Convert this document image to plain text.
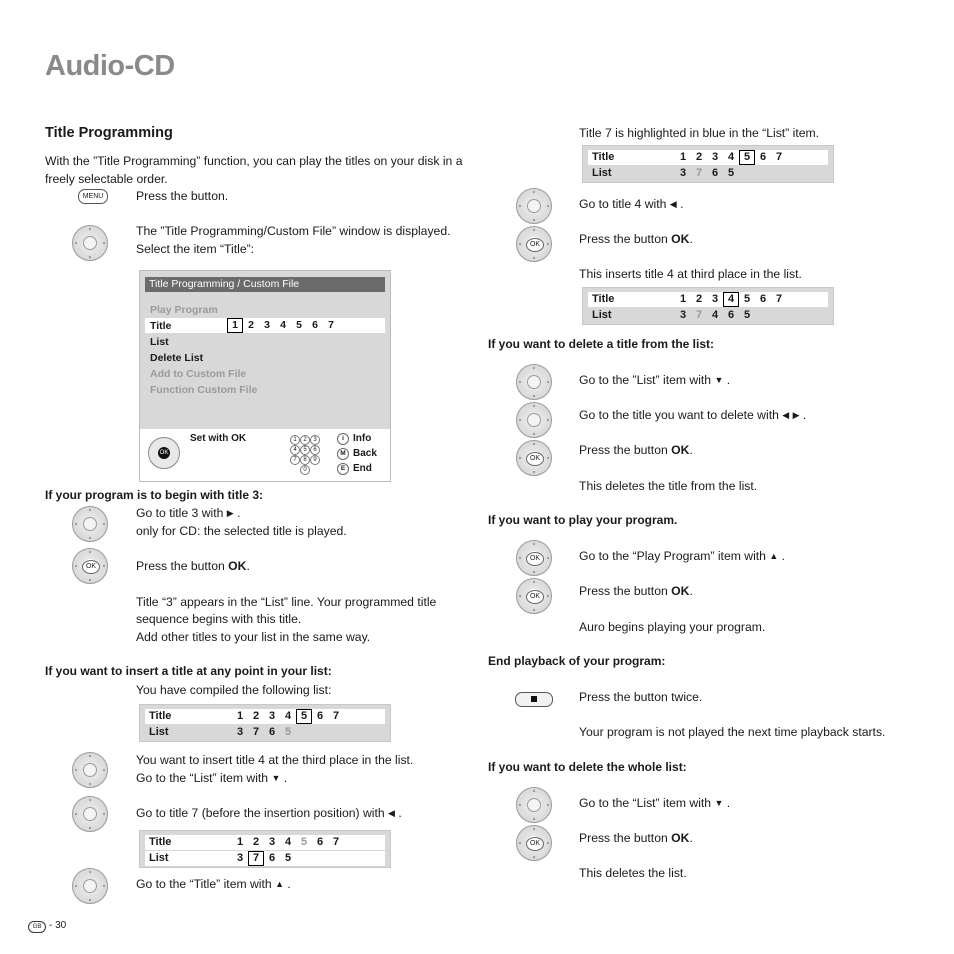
Audio-CD
Title Programming
With the ”Title Programming” function, you can play the titles on your disk in a freely selectable order.
MENU	Press the button.
The ”Title Programming/Custom File” window is displayed.
Select the item “Title”:
Title Programming / Custom File
Play Program
Title	1 2 3 4 5 6 7
List
Delete List
Add to Custom File
Function Custom File
OK
Set with OK	1	2	3
4	5	6
7	8	9
0
i Info
M Back
E End
If your program is to begin with title 3:
Go to title 3 with ▶ .
only for CD: the selected title is played.
OK	Press the button OK.
Title “3” appears in the “List” line. Your programmed title
sequence begins with this title.
Add other titles to your list in the same way.
If you want to insert a title at any point in your list:
You have compiled the following list:
Title	1 2 3 4 5 6 7
List	3 7 6 5
You want to insert title 4 at the third place in the list.
Go to the “List” item with ▼ .
Go to title 7 (before the insertion position) with ◀ .
Title	1 2 3 4 5 6 7
List	3 7 6 5
Go to the “Title” item with ▲ .
GB - 30
Title 7 is highlighted in blue in the “List” item.
Title	1 2 3 4 5 6 7
List	3 7 6 5
Go to title 4 with ◀ .
OK	Press the button OK.
This inserts title 4 at third place in the list.
Title	1 2 3 4 5 6 7
List	3 7 4 6 5
If you want to delete a title from the list:
Go to the ”List” item with ▼ .
Go to the title you want to delete with ◀ ▶ .
OK
Press the button OK.
This deletes the title from the list.
If you want to play your program.
OK	Go to the “Play Program” item with ▲ .
OK	Press the button OK.
Auro begins playing your program.
End playback of your program:
Press the button twice.
Your program is not played the next time playback starts.
If you want to delete the whole list:
Go to the “List” item with ▼ .
OK	Press the button OK.
This deletes the list.
